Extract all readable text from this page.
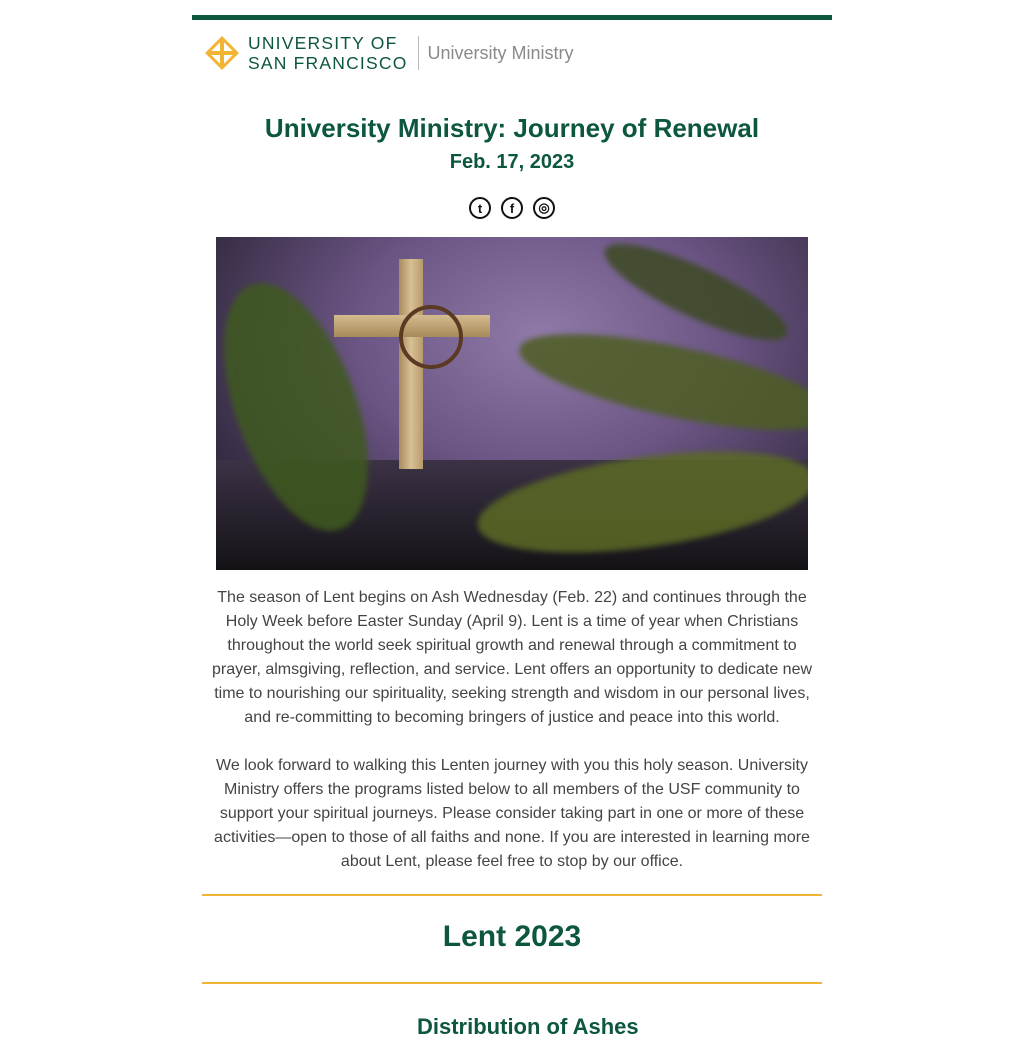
UNIVERSITY OF
SAN FRANCISCO
University Ministry
University Ministry: Journey of Renewal
Feb. 17, 2023
t	f	◎
The season of Lent begins on Ash Wednesday (Feb. 22) and continues through the Holy Week before Easter Sunday (April 9). Lent is a time of year when Christians throughout the world seek spiritual growth and renewal through a commitment to prayer, almsgiving, reflection, and service. Lent offers an opportunity to dedicate new time to nourishing our spirituality, seeking strength and wisdom in our personal lives, and re-committing to becoming bringers of justice and peace into this world.
We look forward to walking this Lenten journey with you this holy season. University Ministry offers the programs listed below to all members of the USF community to support your spiritual journeys. Please consider taking part in one or more of these activities—open to those of all faiths and none. If you are interested in learning more about Lent, please feel free to stop by our office.
Lent 2023
Distribution of Ashes
